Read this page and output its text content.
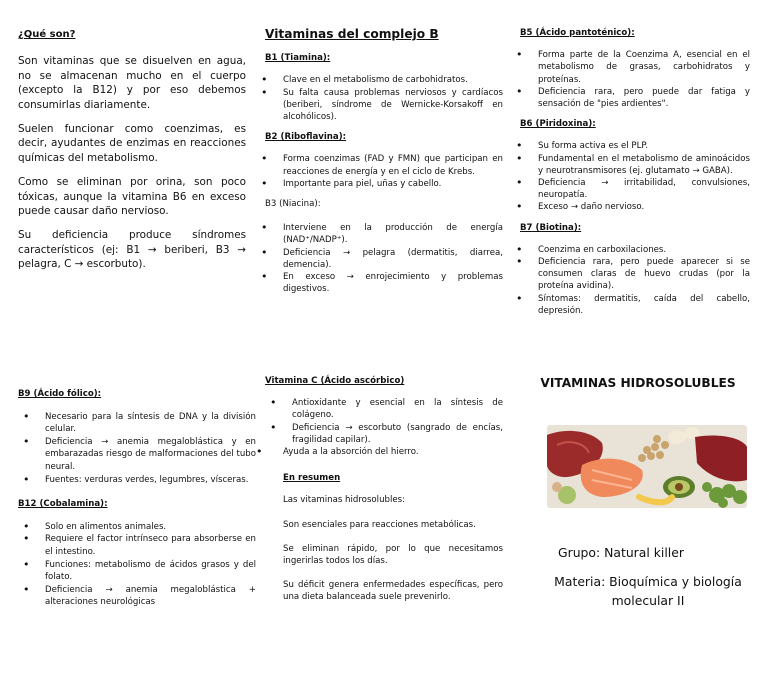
¿Qué son?

Son vitaminas que se disuelven en agua, no se almacenan mucho en el cuerpo (excepto la B12) y por eso debemos consumirlas diariamente.

Suelen funcionar como coenzimas, es decir, ayudantes de enzimas en reacciones químicas del metabolismo.

Como se eliminan por orina, son poco tóxicas, aunque la vitamina B6 en exceso puede causar daño nervioso.

Su deficiencia produce síndromes característicos (ej: B1 → beriberi, B3 → pelagra, C → escorbuto).

Vitaminas del complejo B
B1 (Tiamina):
• Clave en el metabolismo de carbohidratos.
• Su falta causa problemas nerviosos y cardíacos (beriberi, síndrome de Wernicke-Korsakoff en alcohólicos).
B2 (Riboflavina):
• Forma coenzimas (FAD y FMN) que participan en reacciones de energía y en el ciclo de Krebs.
• Importante para piel, uñas y cabello.
B3 (Niacina):
• Interviene en la producción de energía (NAD⁺/NADP⁺).
• Deficiencia → pelagra (dermatitis, diarrea, demencia).
• En exceso → enrojecimiento y problemas digestivos.
B5 (Ácido pantoténico):
• Forma parte de la Coenzima A, esencial en el metabolismo de grasas, carbohidratos y proteínas.
• Deficiencia rara, pero puede dar fatiga y sensación de "pies ardientes".
B6 (Piridoxina):
• Su forma activa es el PLP.
• Fundamental en el metabolismo de aminoácidos y neurotransmisores (ej. glutamato → GABA).
• Deficiencia → irritabilidad, convulsiones, neuropatía.
• Exceso → daño nervioso.
B7 (Biotina):
• Coenzima en carboxilaciones.
• Deficiencia rara, pero puede aparecer si se consumen claras de huevo crudas (por la proteína avidina).
• Síntomas: dermatitis, caída del cabello, depresión.
B9 (Ácido fólico):
• Necesario para la síntesis de DNA y la división celular.
• Deficiencia → anemia megaloblástica y en embarazadas riesgo de malformaciones del tubo neural.
• Fuentes: verduras verdes, legumbres, vísceras.
B12 (Cobalamina):
• Solo en alimentos animales.
• Requiere el factor intrínseco para absorberse en el intestino.
• Funciones: metabolismo de ácidos grasos y del folato.
• Deficiencia → anemia megaloblástica + alteraciones neurológicas
Vitamina C (Ácido ascórbico)
• Antioxidante y esencial en la síntesis de colágeno.
• Deficiencia → escorbuto (sangrado de encías, fragilidad capilar).
• Ayuda a la absorción del hierro.
En resumen

Las vitaminas hidrosolubles:

Son esenciales para reacciones metabólicas.

Se eliminan rápido, por lo que necesitamos ingerirlas todos los días.

Su déficit genera enfermedades específicas, pero una dieta balanceada suele prevenirlo.

VITAMINAS HIDROSOLUBLES
Grupo: Natural killer
Materia: Bioquímica y biología molecular II
